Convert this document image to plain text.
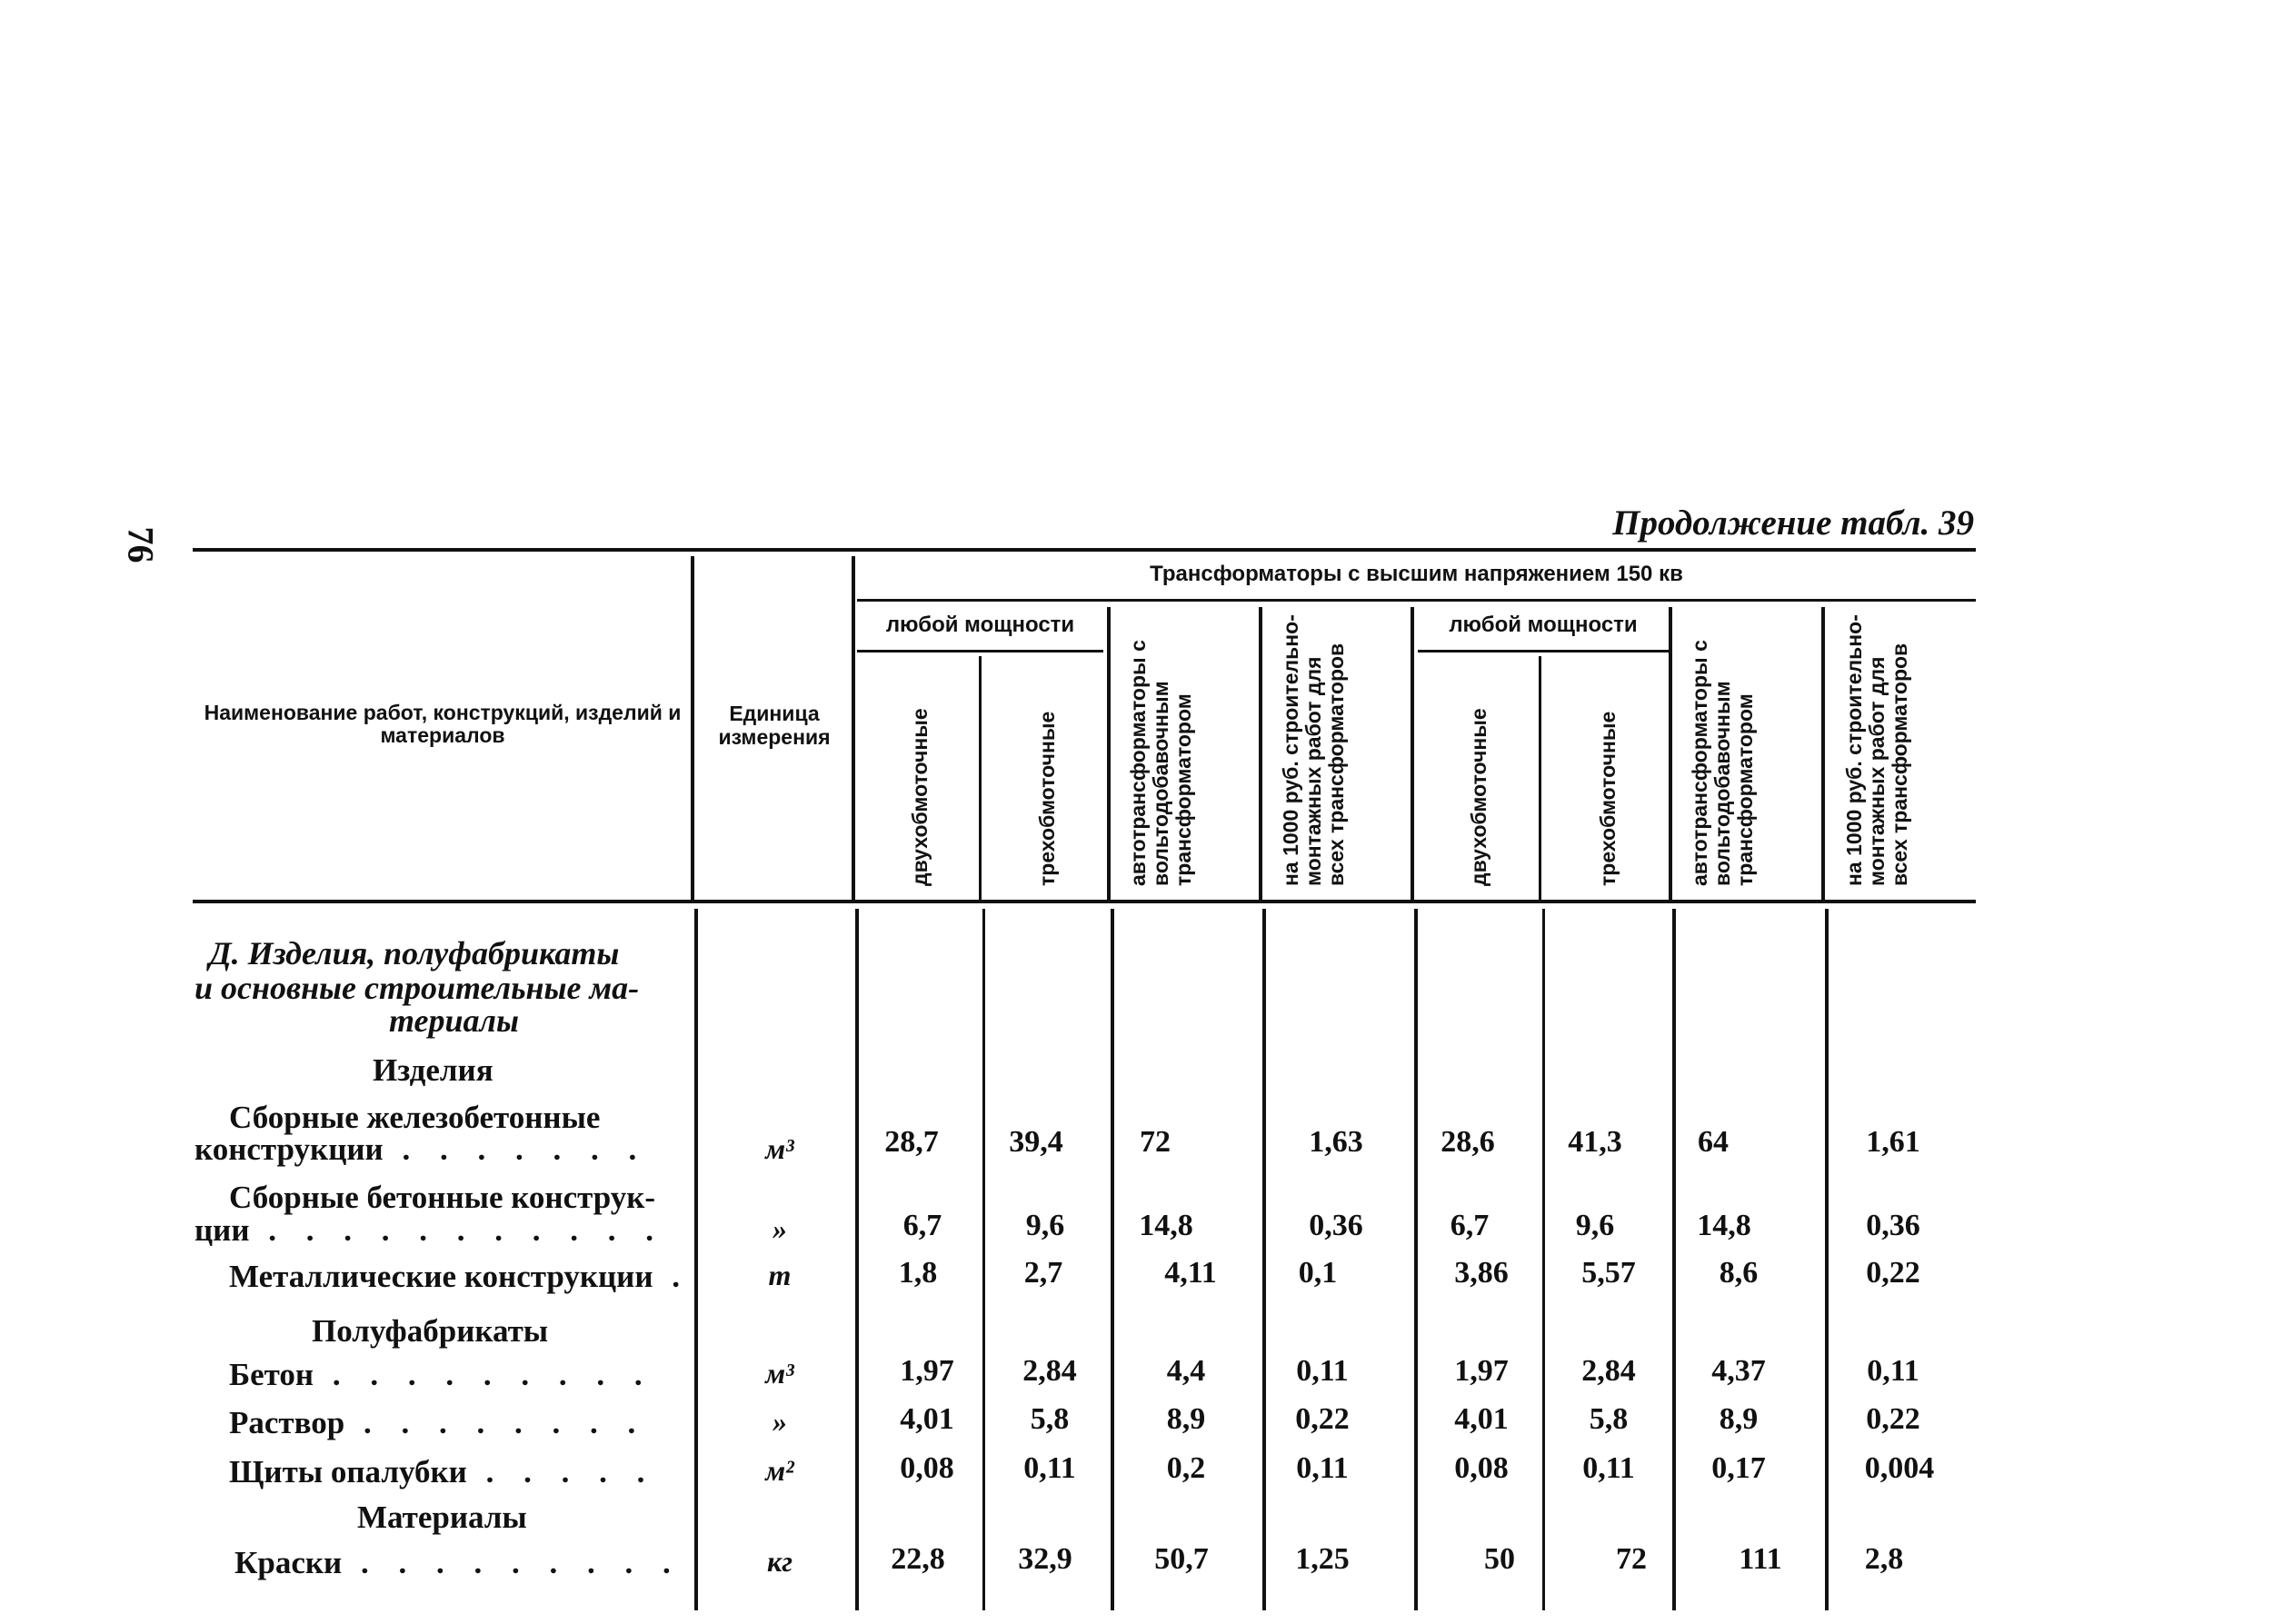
76
Продолжение табл. 39
Наименование работ, конструкций, изделий и материалов
Единица измерения
Трансформаторы с высшим напряжением 150 кв
любой мощности	любой мощности
двухобмоточные	трехобмоточные	автотрансформаторы с вольтодобавочным трансформатором	на 1000 руб. строительно-монтажных работ для всех трансформаторов	двухобмоточные	трехобмоточные	автотрансформаторы с вольтодобавочным трансформатором	на 1000 руб. строительно-монтажных работ для всех трансформаторов
Д. Изделия, полуфабрикаты
и основные строительные ма-
териалы
Изделия
Сборные железобетонные
конструкции . . . . . . .	м³	28,7	39,4	72	1,63	28,6	41,3	64	1,61
Сборные бетонные конструк-
ции . . . . . . . . . . .	»	6,7	9,6	14,8	0,36	6,7	9,6	14,8	0,36
Металлические конструкции .	т	1,8	2,7	4,11	0,1	3,86	5,57	8,6	0,22
Полуфабрикаты
Бетон . . . . . . . . .	м³	1,97	2,84	4,4	0,11	1,97	2,84	4,37	0,11
Раствор . . . . . . . .	»	4,01	5,8	8,9	0,22	4,01	5,8	8,9	0,22
Щиты опалубки . . . . .	м²	0,08	0,11	0,2	0,11	0,08	0,11	0,17	0,004
Материалы
Краски . . . . . . . . .	кг	22,8	32,9	50,7	1,25	50	72	111	2,8
